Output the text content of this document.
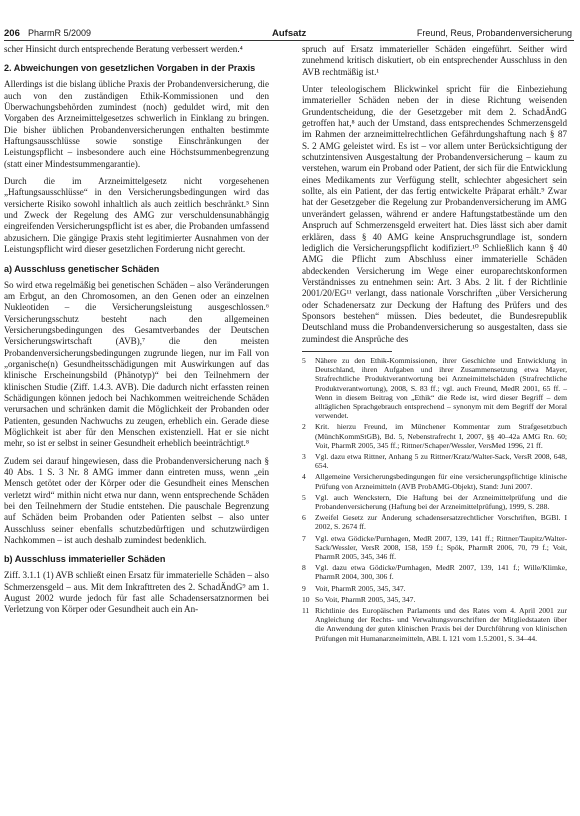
206 PharmR 5/2009	Aufsatz	Freund, Reus, Probandenversicherung

scher Hinsicht durch entsprechende Beratung verbessert werden.⁴

2. Abweichungen von gesetzlichen Vorgaben in der Praxis

Allerdings ist die bislang übliche Praxis der Probandenversicherung, die auch von den zuständigen Ethik-Kommissionen und den Überwachungsbehörden zumindest (noch) geduldet wird, mit den Vorgaben des Arzneimittelgesetzes schwerlich in Einklang zu bringen. Die bisher üblichen Probandenversicherungen enthalten bestimmte Haftungsausschlüsse sowie sonstige Einschränkungen der Leistungspflicht – insbesondere auch eine Höchstsummenbegrenzung (statt einer Mindestsummengarantie).

Durch die im Arzneimittelgesetz nicht vorgesehenen „Haftungsausschlüsse“ in den Versicherungsbedingungen wird das versicherte Risiko sowohl inhaltlich als auch zeitlich beschränkt.⁵ Sinn und Zweck der Regelung des AMG zur verschuldensunabhängig eingreifenden Versicherungspflicht ist es aber, die Probanden umfassend abzusichern. Die gängige Praxis steht legitimierter Ausnahmen von der Leistungspflicht wird dieser gesetzlichen Forderung nicht gerecht.

a) Ausschluss genetischer Schäden

So wird etwa regelmäßig bei genetischen Schäden – also Veränderungen am Erbgut, an den Chromosomen, an den Genen oder an einzelnen Nukleotiden – die Versicherungsleistung ausgeschlossen.⁶ Versicherungsschutz besteht nach den allgemeinen Versicherungsbedingungen des Gesamtverbandes der Deutschen Versicherungswirtschaft (AVB),⁷ die den meisten Probandenversicherungsbedingungen zugrunde liegen, nur im Fall von „organische(n) Gesundheitsschädigungen mit Auswirkungen auf das klinische Erscheinungsbild (Phänotyp)“ bei den Teilnehmern der klinischen Studie (Ziff. 1.4.3. AVB). Die dadurch nicht erfassten reinen Schädigungen können jedoch bei Nachkommen weitreichende Schäden verursachen und schränken damit die Möglichkeit der Probanden oder Patienten, gesunden Nachwuchs zu zeugen, erheblich ein. Gerade diese Möglichkeit ist aber für den Menschen existenziell. Hat er sie nicht mehr, so ist er selbst in seiner Gesundheit erheblich beeinträchtigt.⁸

Zudem sei darauf hingewiesen, dass die Probandenversicherung nach § 40 Abs. 1 S. 3 Nr. 8 AMG immer dann eintreten muss, wenn „ein Mensch getötet oder der Körper oder die Gesundheit eines Menschen verletzt wird“ mithin nicht etwa nur dann, wenn entsprechende Schäden bei den Teilnehmern der Studie entstehen. Die pauschale Begrenzung auf Schäden beim Probanden oder Patienten selbst – also unter Ausschluss seiner ebenfalls schutzbedürftigen und schutzwürdigen Nachkommen – ist auch deshalb zumindest bedenklich.

b) Ausschluss immaterieller Schäden

Ziff. 3.1.1 (1) AVB schließt einen Ersatz für immaterielle Schäden – also Schmerzensgeld – aus. Mit dem Inkrafttreten des 2. SchadÄndG⁹ am 1. August 2002 wurde jedoch für fast alle Schadensersatznormen bei Verletzung von Körper oder Gesundheit auch ein An-

spruch auf Ersatz immaterieller Schäden eingeführt. Seither wird zunehmend kritisch diskutiert, ob ein entsprechender Ausschluss in den AVB rechtmäßig ist.¹

Unter teleologischem Blickwinkel spricht für die Einbeziehung immaterieller Schäden neben der in diese Richtung weisenden Grundentscheidung, die der Gesetzgeber mit dem 2. SchadÄndG getroffen hat,⁸ auch der Umstand, dass entsprechendes Schmerzensgeld im Rahmen der arzneimittelrechtlichen Gefährdungshaftung nach § 87 S. 2 AMG geleistet wird. Es ist – vor allem unter Berücksichtigung der schutzintensiven Ausgestaltung der Probandenversicherung – kaum zu verstehen, warum ein Proband oder Patient, der sich für die Entwicklung eines Medikaments zur Verfügung stellt, schlechter abgesichert sein sollte, als ein Patient, der das fertig entwickelte Präparat erhält.⁹ Zwar hat der Gesetzgeber die Regelung zur Probandenversicherung im AMG unverändert gelassen, während er andere Haftungstatbestände um den Anspruch auf Schmerzensgeld erweitert hat. Dies lässt sich aber damit erklären, dass § 40 AMG keine Anspruchsgrundlage ist, sondern lediglich die Versicherungspflicht kodifiziert.¹⁰ Schließlich kann § 40 AMG die Pflicht zum Abschluss einer immaterielle Schäden abdeckenden Versicherung im Wege einer europarechtskonformen Verständnisses zu entnehmen sein: Art. 3 Abs. 2 lit. f der Richtlinie 2001/20/EG¹¹ verlangt, dass nationale Vorschriften „über Versicherung oder Schadenersatz zur Deckung der Haftung des Prüfers und des Sponsors bestehen“ müssen. Dies bedeutet, die Bundesrepublik Deutschland muss die Probandenversicherung so ausgestalten, dass sie zumindest die Ansprüche des

5	Nähere zu den Ethik-Kommissionen, ihrer Geschichte und Entwicklung in Deutschland, ihren Aufgaben und ihrer Zusammensetzung etwa Mayer, Strafrechtliche Produktverantwortung bei Arzneimittelschäden (Strafrechtliche Produktverantwortung), 2008, S. 83 ff.; vgl. auch Freund, MedR 2001, 65 ff. – Wenn in diesem Beitrag von „Ethik“ die Rede ist, wird dieser Begriff – dem alltäglichen Sprachgebrauch entsprechend – synonym mit dem Begriff der Moral verwendet.
2	Krit. hierzu Freund, im Münchener Kommentar zum Strafgesetzbuch (MünchKommStGB), Bd. 5, Nebenstrafrecht I, 2007, §§ 40–42a AMG Rn. 60; Voit, PharmR 2005, 345 ff.; Rittner/Schaper/Wessler, VersMed 1996, 21 ff.
3	Vgl. dazu etwa Rittner, Anhang 5 zu Rittner/Kratz/Walter-Sack, VersR 2008, 648, 654.
4	Allgemeine Versicherungsbedingungen für eine versicherungspflichtige klinische Prüfung von Arzneimitteln (AVB ProbAMG-Objekt), Stand: Juni 2007.
5	Vgl. auch Wenckstern, Die Haftung bei der Arzneimittelprüfung und die Probandenversicherung (Haftung bei der Arzneimittelprüfung), 1999, S. 288.
6	Zweifel Gesetz zur Änderung schadensersatzrechtlicher Vorschriften, BGBl. I 2002, S. 2674 ff.
7	Vgl. etwa Gödicke/Purnhagen, MedR 2007, 139, 141 ff.; Rittner/Taupitz/Walter-Sack/Wessler, VersR 2008, 158, 159 f.; Spök, PharmR 2006, 70, 79 f.; Voit, PharmR 2005, 345, 346 ff.
8	Vgl. dazu etwa Gödicke/Purnhagen, MedR 2007, 139, 141 f.; Wille/Klimke, PharmR 2004, 300, 306 f.
9	Voit, PharmR 2005, 345, 347.
10 So Voit, PharmR 2005, 345, 347.
11 Richtlinie des Europäischen Parlaments und des Rates vom 4. April 2001 zur Angleichung der Rechts- und Verwaltungsvorschriften der Mitgliedstaaten über die Anwendung der guten klinischen Praxis bei der Durchführung von klinischen Prüfungen mit Humanarzneimitteln, ABl. L 121 vom 1.5.2001, S. 34–44.
